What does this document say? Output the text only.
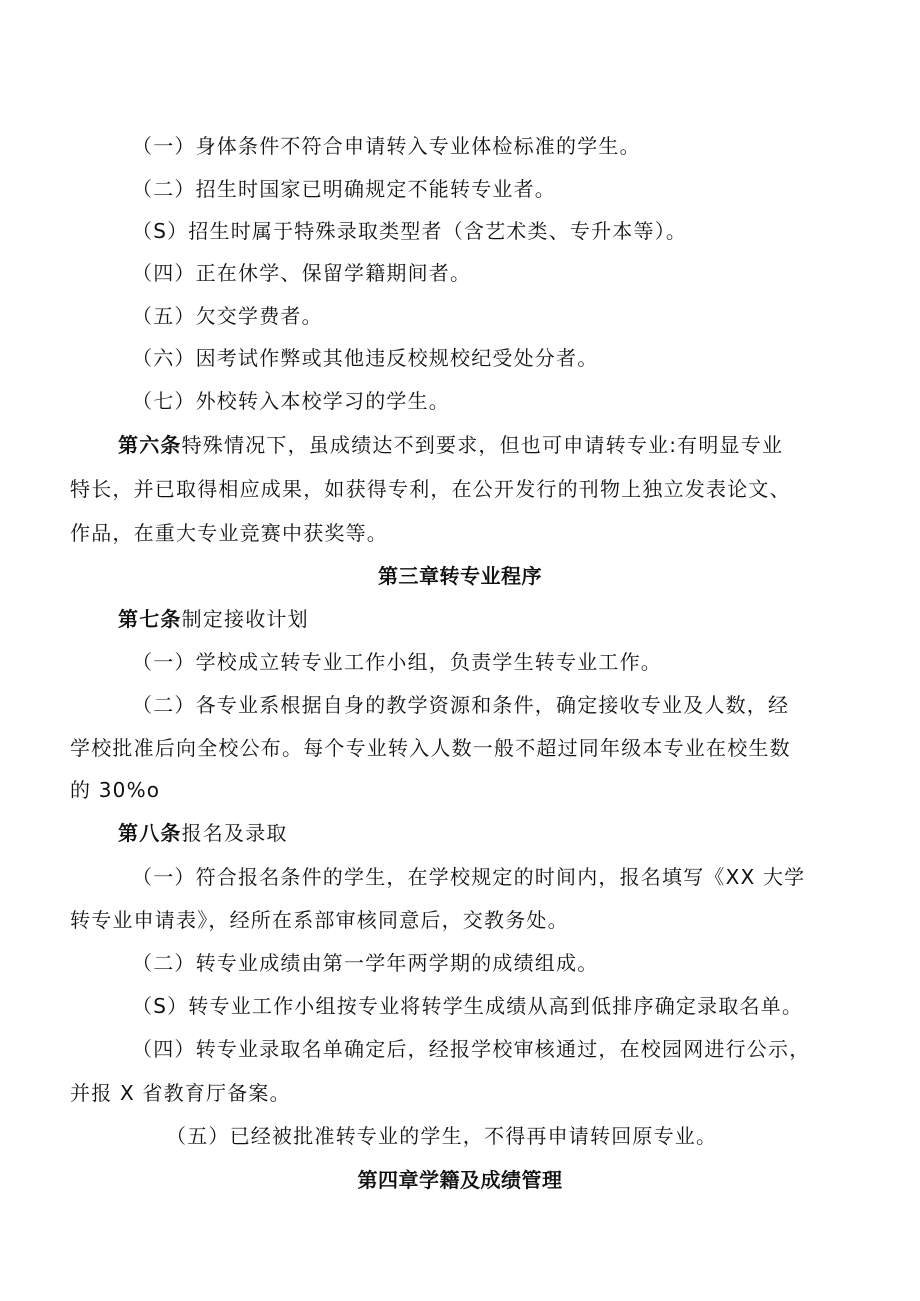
（一）身体条件不符合申请转入专业体检标准的学生。
（二）招生时国家已明确规定不能转专业者。
（S）招生时属于特殊录取类型者（含艺术类、专升本等）。
（四）正在休学、保留学籍期间者。
（五）欠交学费者。
（六）因考试作弊或其他违反校规校纪受处分者。
（七）外校转入本校学习的学生。
第六条特殊情况下，虽成绩达不到要求，但也可申请转专业:有明显专业
特长，并已取得相应成果，如获得专利，在公开发行的刊物上独立发表论文、
作品，在重大专业竞赛中获奖等。
第三章转专业程序
第七条制定接收计划
（一）学校成立转专业工作小组，负责学生转专业工作。
（二）各专业系根据自身的教学资源和条件，确定接收专业及人数，经
学校批准后向全校公布。每个专业转入人数一般不超过同年级本专业在校生数
的 30%o
第八条报名及录取
（一）符合报名条件的学生，在学校规定的时间内，报名填写《XX 大学
转专业申请表》，经所在系部审核同意后，交教务处。
（二）转专业成绩由第一学年两学期的成绩组成。
（S）转专业工作小组按专业将转学生成绩从高到低排序确定录取名单。
（四）转专业录取名单确定后，经报学校审核通过，在校园网进行公示，
并报 X 省教育厅备案。
（五）已经被批准转专业的学生，不得再申请转回原专业。
第四章学籍及成绩管理
